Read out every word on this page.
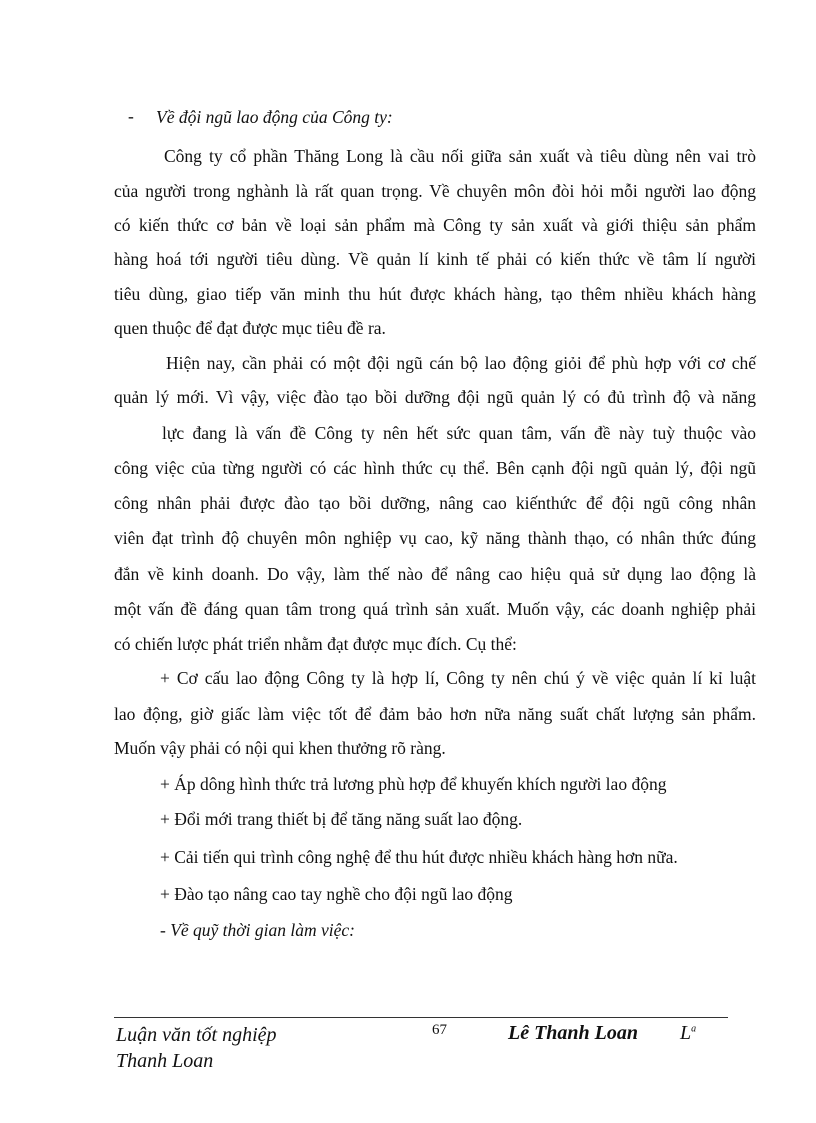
- Về đội ngũ lao động của Công ty:
Công ty cổ phần Thăng Long là cầu nối giữa sản xuất và tiêu dùng nên vai trò
của người trong nghành là rất quan trọng. Về chuyên môn đòi hỏi mỗi người lao động
có kiến thức cơ bản về loại sản phẩm mà Công ty sản xuất và giới thiệu sản phẩm
hàng hoá tới người tiêu dùng. Về quản lí kinh tế phải có kiến thức về tâm lí người
tiêu dùng, giao tiếp văn minh thu hút được khách hàng, tạo thêm nhiều khách hàng
quen thuộc để đạt được mục tiêu đề ra.
Hiện nay, cần phải có một đội ngũ cán bộ lao động giỏi để phù hợp với cơ chế
quản lý mới. Vì vậy, việc đào tạo bồi dưỡng đội ngũ quản lý có đủ trình độ và năng
lực đang là vấn đề Công ty nên hết sức quan tâm, vấn đề này tuỳ thuộc vào
công việc của từng người có các hình thức cụ thể. Bên cạnh đội ngũ quản lý, đội ngũ
công nhân phải được đào tạo bồi dưỡng, nâng cao kiếnthức để đội ngũ công nhân
viên đạt trình độ chuyên môn nghiệp vụ cao, kỹ năng thành thạo, có nhân thức đúng
đắn về kinh doanh. Do vậy, làm thế nào để nâng cao hiệu quả sử dụng lao động là
một vấn đề đáng quan tâm trong quá trình sản xuất. Muốn vậy, các doanh nghiệp phải
có chiến lược phát triển nhằm đạt được mục đích. Cụ thể:
+ Cơ cấu lao động Công ty là hợp lí, Công ty nên chú ý về việc quản lí kỉ luật
lao động, giờ giấc làm việc tốt để đảm bảo hơn nữa năng suất chất lượng sản phẩm.
Muốn vậy phải có nội qui khen thưởng rõ ràng.
+ Áp dông hình thức trả lương phù hợp để khuyến khích người lao động
+ Đổi mới trang thiết bị để tăng năng suất lao động.
+ Cải tiến qui trình công nghệ để thu hút được nhiều khách hàng hơn nữa.
+ Đào tạo nâng cao tay nghề cho đội ngũ lao động
- Về quỹ thời gian làm việc:
Luận văn tốt nghiệp
Thanh Loan
67	Lê Thanh Loan $L^a$
